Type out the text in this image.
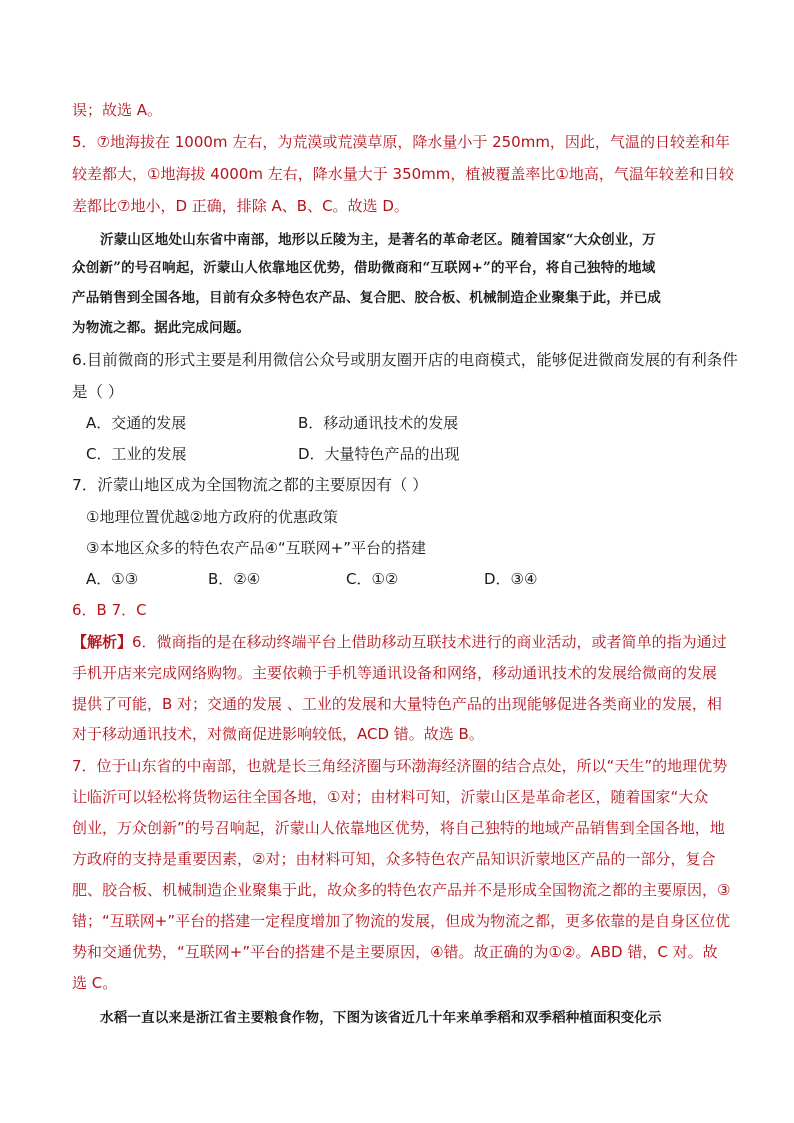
误；故选 A。
5．⑦地海拔在 1000m 左右，为荒漠或荒漠草原，降水量小于 250mm，因此，气温的日较差和年
较差都大，①地海拔 4000m 左右，降水量大于 350mm，植被覆盖率比①地高，气温年较差和日较
差都比⑦地小，D 正确，排除 A、B、C。故选 D。
沂蒙山区地处山东省中南部，地形以丘陵为主，是著名的革命老区。随着国家“大众创业，万
众创新”的号召响起，沂蒙山人依靠地区优势，借助微商和“互联网+”的平台，将自己独特的地域
产品销售到全国各地，目前有众多特色农产品、复合肥、胶合板、机械制造企业聚集于此，并已成
为物流之都。据此完成问题。
6.目前微商的形式主要是利用微信公众号或朋友圈开店的电商模式，能够促进微商发展的有利条件
是（ ）
A．交通的发展	B．移动通讯技术的发展
C．工业的发展	D．大量特色产品的出现
7．沂蒙山地区成为全国物流之都的主要原因有（ ）
①地理位置优越②地方政府的优惠政策
③本地区众多的特色农产品④“互联网+”平台的搭建
A．①③	B．②④	C．①②	D．③④
6．B 7．C
【解析】6．微商指的是在移动终端平台上借助移动互联技术进行的商业活动，或者简单的指为通过
手机开店来完成网络购物。主要依赖于手机等通讯设备和网络，移动通讯技术的发展给微商的发展
提供了可能，B 对；交通的发展 、工业的发展和大量特色产品的出现能够促进各类商业的发展，相
对于移动通讯技术，对微商促进影响较低，ACD 错。故选 B。
7．位于山东省的中南部，也就是长三角经济圈与环渤海经济圈的结合点处，所以“天生”的地理优势
让临沂可以轻松将货物运往全国各地，①对；由材料可知，沂蒙山区是革命老区，随着国家“大众
创业，万众创新”的号召响起，沂蒙山人依靠地区优势，将自己独特的地域产品销售到全国各地，地
方政府的支持是重要因素，②对；由材料可知，众多特色农产品知识沂蒙地区产品的一部分，复合
肥、胶合板、机械制造企业聚集于此，故众多的特色农产品并不是形成全国物流之都的主要原因，③
错；“互联网+”平台的搭建一定程度增加了物流的发展，但成为物流之都，更多依靠的是自身区位优
势和交通优势，“互联网+”平台的搭建不是主要原因，④错。故正确的为①②。ABD 错，C 对。故
选 C。
水稻一直以来是浙江省主要粮食作物，下图为该省近几十年来单季稻和双季稻种植面积变化示
